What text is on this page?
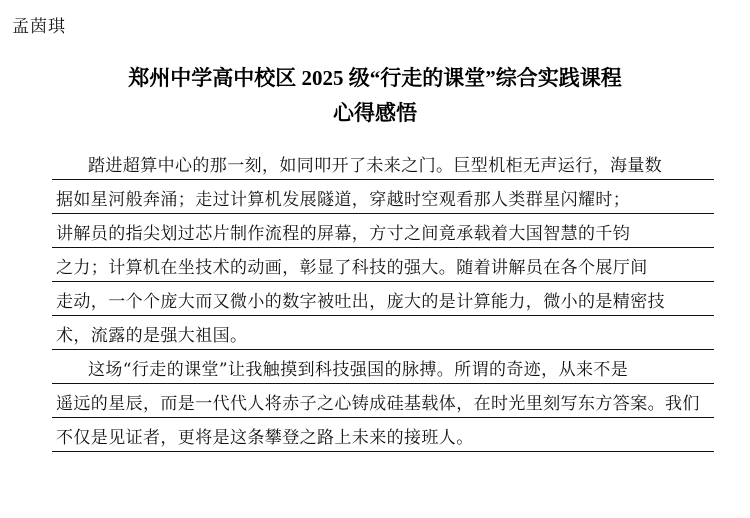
孟茵琪
郑州中学高中校区 2025 级“行走的课堂”综合实践课程
心得感悟
踏进超算中心的那一刻，如同叩开了未来之门。巨型机柜无声运行，海量数
据如星河般奔涌；走过计算机发展隧道，穿越时空观看那人类群星闪耀时；
讲解员的指尖划过芯片制作流程的屏幕，方寸之间竟承载着大国智慧的千钧
之力；计算机在坐技术的动画，彰显了科技的强大。随着讲解员在各个展厅间
走动，一个个庞大而又微小的数字被吐出，庞大的是计算能力，微小的是精密技
术，流露的是强大祖国。
这场“行走的课堂”让我触摸到科技强国的脉搏。所谓的奇迹，从来不是
遥远的星辰，而是一代代人将赤子之心铸成硅基载体，在时光里刻写东方答案。我们
不仅是见证者，更将是这条攀登之路上未来的接班人。
